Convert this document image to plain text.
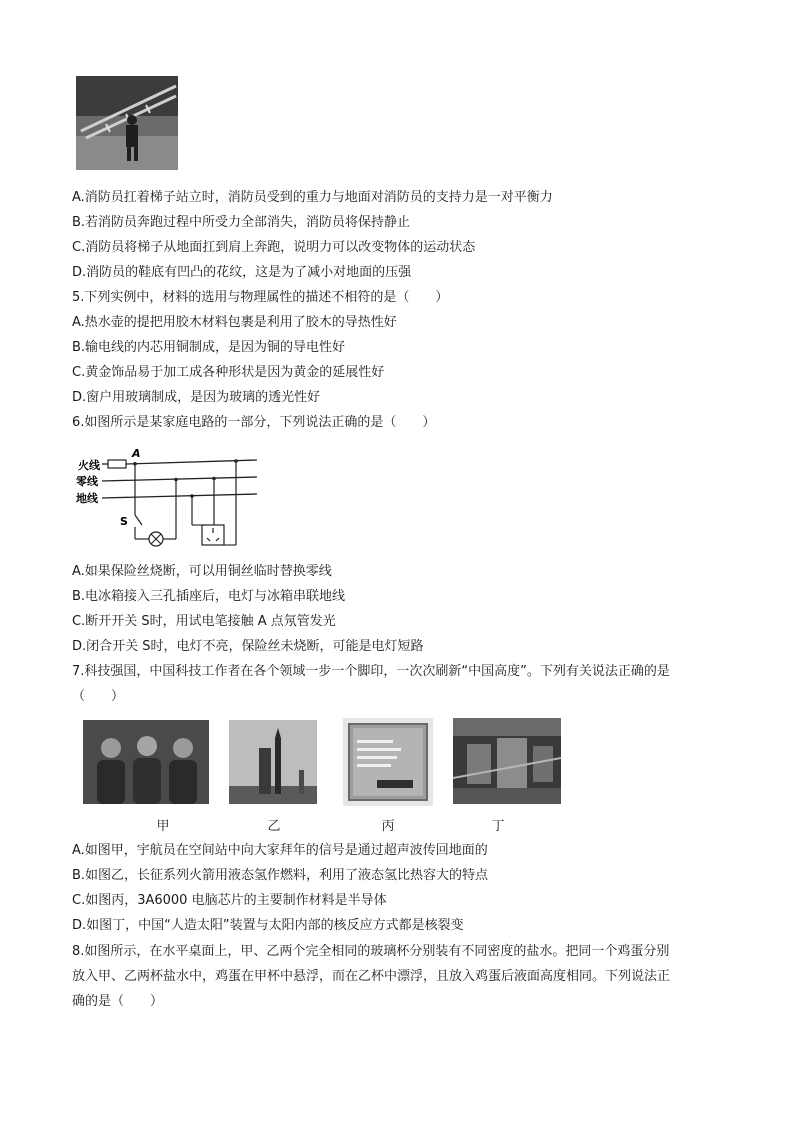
A.消防员扛着梯子站立时，消防员受到的重力与地面对消防员的支持力是一对平衡力
B.若消防员奔跑过程中所受力全部消失，消防员将保持静止
C.消防员将梯子从地面扛到肩上奔跑，说明力可以改变物体的运动状态
D.消防员的鞋底有凹凸的花纹，这是为了减小对地面的压强
5.下列实例中，材料的选用与物理属性的描述不相符的是（　　）
A.热水壶的提把用胶木材料包裹是利用了胶木的导热性好
B.输电线的内芯用铜制成，是因为铜的导电性好
C.黄金饰品易于加工成各种形状是因为黄金的延展性好
D.窗户用玻璃制成，是因为玻璃的透光性好
6.如图所示是某家庭电路的一部分，下列说法正确的是（　　）
火线
零线
地线
A
S
A.如果保险丝烧断，可以用铜丝临时替换零线
B.电冰箱接入三孔插座后，电灯与冰箱串联地线
C.断开开关 S时，用试电笔接触 A 点氖管发光
D.闭合开关 S时，电灯不亮，保险丝未烧断，可能是电灯短路
7.科技强国，中国科技工作者在各个领域一步一个脚印，一次次刷新“中国高度”。下列有关说法正确的是
（　　）
甲	乙	丙	丁
A.如图甲，宇航员在空间站中向大家拜年的信号是通过超声波传回地面的
B.如图乙，长征系列火箭用液态氢作燃料，利用了液态氢比热容大的特点
C.如图丙，3A6000 电脑芯片的主要制作材料是半导体
D.如图丁，中国“人造太阳”装置与太阳内部的核反应方式都是核裂变
8.如图所示，在水平桌面上，甲、乙两个完全相同的玻璃杯分别装有不同密度的盐水。把同一个鸡蛋分别
放入甲、乙两杯盐水中，鸡蛋在甲杯中悬浮，而在乙杯中漂浮，且放入鸡蛋后液面高度相同。下列说法正
确的是（　　）
